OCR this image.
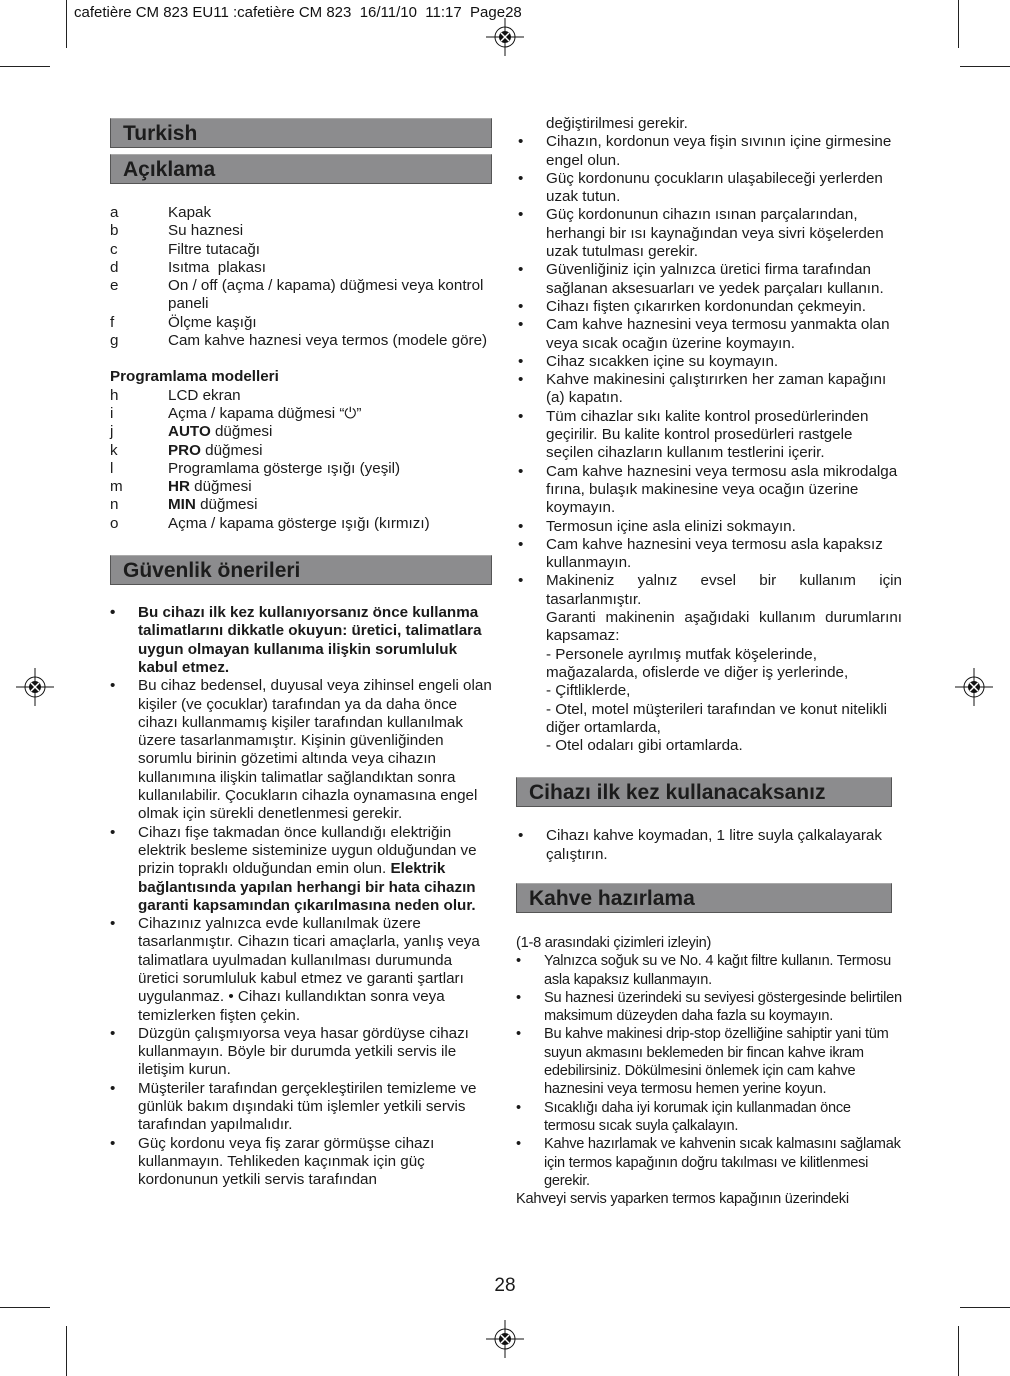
cafetière CM 823 EU11 :cafetière CM 823  16/11/10  11:17  Page28
Turkish
Açıklama
a	Kapak
b	Su haznesi
c	Filtre tutacağı
d	Isıtma  plakası
e	On / off (açma / kapama) düğmesi veya kontrol paneli
f	Ölçme kaşığı
g	Cam kahve haznesi veya termos (modele göre)
Programlama modelleri
h	LCD ekran
i	Açma / kapama düğmesi “⏻”
j	AUTO düğmesi
k	PRO düğmesi
l	Programlama gösterge ışığı (yeşil)
m	HR düğmesi
n	MIN düğmesi
o	Açma / kapama gösterge ışığı (kırmızı)
Güvenlik önerileri
• Bu cihazı ilk kez kullanıyorsanız önce kullanma talimatlarını dikkatle okuyun: üretici, talimatlara uygun olmayan kullanıma ilişkin sorumluluk kabul etmez.
• Bu cihaz bedensel, duyusal veya zihinsel engeli olan kişiler (ve çocuklar) tarafından ya da daha önce cihazı kullanmamış kişiler tarafından kullanılmak üzere tasarlanmamıştır. Kişinin güvenliğinden sorumlu birinin gözetimi altında veya cihazın kullanımına ilişkin talimatlar sağlandıktan sonra kullanılabilir. Çocukların cihazla oynamasına engel olmak için sürekli denetlenmesi gerekir.
• Cihazı fişe takmadan önce kullandığı elektriğin elektrik besleme sisteminize uygun olduğundan ve prizin topraklı olduğundan emin olun. Elektrik bağlantısında yapılan herhangi bir hata cihazın garanti kapsamından çıkarılmasına neden olur.
• Cihazınız yalnızca evde kullanılmak üzere tasarlanmıştır. Cihazın ticari amaçlarla, yanlış veya talimatlara uyulmadan kullanılması durumunda üretici sorumluluk kabul etmez ve garanti şartları uygulanmaz. • Cihazı kullandıktan sonra veya temizlerken fişten çekin.
• Düzgün çalışmıyorsa veya hasar gördüyse cihazı kullanmayın. Böyle bir durumda yetkili servis ile iletişim kurun.
• Müşteriler tarafından gerçekleştirilen temizleme ve günlük bakım dışındaki tüm işlemler yetkili servis tarafından yapılmalıdır.
• Güç kordonu veya fiş zarar görmüşse cihazı kullanmayın. Tehlikeden kaçınmak için güç kordonunun yetkili servis tarafından
değiştirilmesi gerekir.
• Cihazın, kordonun veya fişin sıvının içine girmesine engel olun.
• Güç kordonunu çocukların ulaşabileceği yerlerden uzak tutun.
• Güç kordonunun cihazın ısınan parçalarından, herhangi bir ısı kaynağından veya sivri köşelerden uzak tutulması gerekir.
• Güvenliğiniz için yalnızca üretici firma tarafından sağlanan aksesuarları ve yedek parçaları kullanın.
• Cihazı fişten çıkarırken kordonundan çekmeyin.
• Cam kahve haznesini veya termosu yanmakta olan veya sıcak ocağın üzerine koymayın.
• Cihaz sıcakken içine su koymayın.
• Kahve makinesini çalıştırırken her zaman kapağını (a) kapatın.
• Tüm cihazlar sıkı kalite kontrol prosedürlerinden geçirilir. Bu kalite kontrol prosedürleri rastgele seçilen cihazların kullanım testlerini içerir.
• Cam kahve haznesini veya termosu asla mikrodalga fırına, bulaşık makinesine veya ocağın üzerine koymayın.
• Termosun içine asla elinizi sokmayın.
• Cam kahve haznesini veya termosu asla kapaksız kullanmayın.
• Makineniz yalnız evsel bir kullanım için tasarlanmıştır.
Garanti makinenin aşağıdaki kullanım durumlarını kapsamaz:
- Personele ayrılmış mutfak köşelerinde, mağazalarda, ofislerde ve diğer iş yerlerinde,
- Çiftliklerde,
- Otel, motel müşterileri tarafından ve konut nitelikli diğer ortamlarda,
- Otel odaları gibi ortamlarda.
Cihazı ilk kez kullanacaksanız
• Cihazı kahve koymadan, 1 litre suyla çalkalayarak çalıştırın.
Kahve hazırlama
(1-8 arasındaki çizimleri izleyin)
• Yalnızca soğuk su ve No. 4 kağıt filtre kullanın. Termosu asla kapaksız kullanmayın.
• Su haznesi üzerindeki su seviyesi göstergesinde belirtilen maksimum düzeyden daha fazla su koymayın.
• Bu kahve makinesi drip-stop özelliğine sahiptir yani tüm suyun akmasını beklemeden bir fincan kahve ikram edebilirsiniz. Dökülmesini önlemek için cam kahve haznesini veya termosu hemen yerine koyun.
• Sıcaklığı daha iyi korumak için kullanmadan önce termosu sıcak suyla çalkalayın.
• Kahve hazırlamak ve kahvenin sıcak kalmasını sağlamak için termos kapağının doğru takılması ve kilitlenmesi gerekir.
Kahveyi servis yaparken termos kapağının üzerindeki
28
